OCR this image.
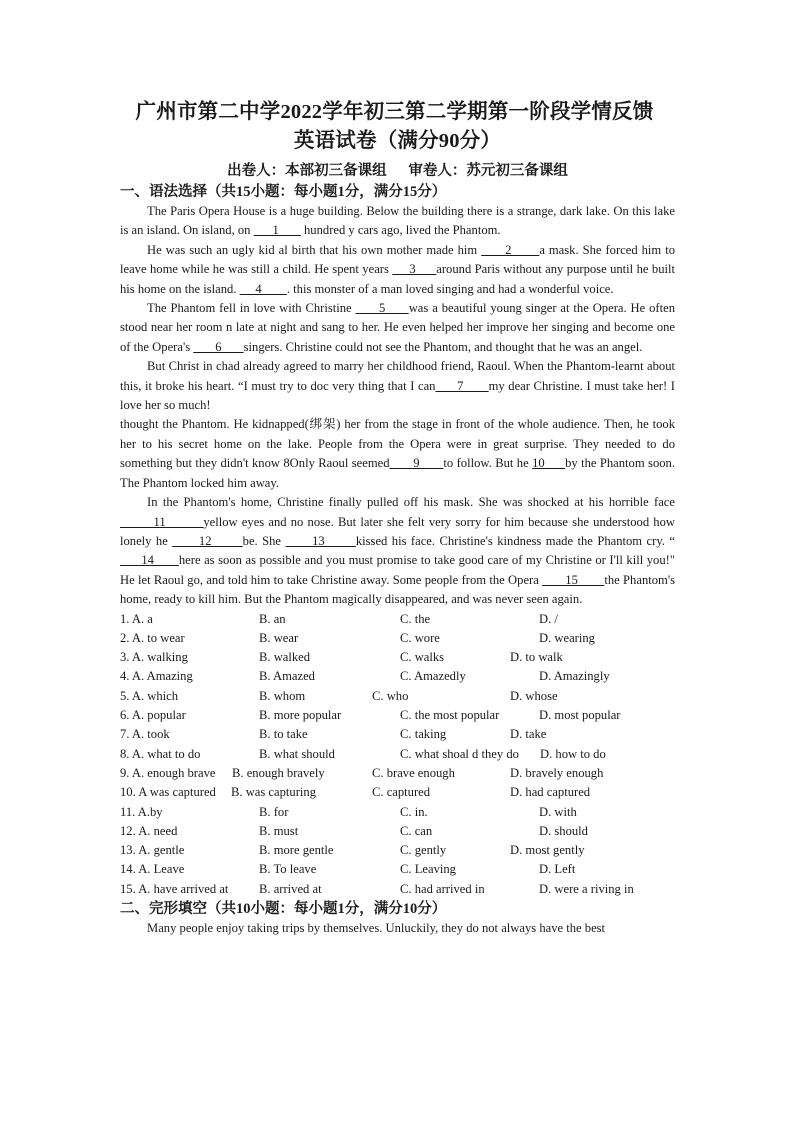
广州市第二中学2022学年初三第二学期第一阶段学情反馈
英语试卷（满分90分）
出卷人：本部初三备课组      审卷人：苏元初三备课组
一、语法选择（共15小题：每小题1分，满分15分）

The Paris Opera House is a huge building. Below the building there is a strange, dark lake. On this lake is an island. On island, on       1        hundred y cars ago, lived the Phantom.

He was such an ugly kid al birth that his own mother made him       2       a mask. She forced him to leave home while he was still a child. He spent years      3      around Paris without any purpose until he built his home on the island.      4        . this monster of a man loved singing and had a wonderful voice.

The Phantom fell in love with Christine       5      was a beautiful young singer at the Opera. He often stood near her room n late at night and sang to her. He even helped her improve her singing and become one of the Opera's        6       singers. Christine could not see the Phantom, and thought that he was an angel.

But Christ in chad already agreed to marry her childhood friend, Raoul. When the Phantom-learnt about this, it broke his heart. “I must try to doc very thing that I can      7       my dear Christine. I must take her! I love her so much!

thought the Phantom. He kidnapped(绑架) her from the stage in front of the whole audience. Then, he took her to his secret home on the lake. People from the Opera were in great surprise. They needed to do something but they didn't know 8Only Raoul seemed       9       to follow. But he 10      by the Phantom soon. The Phantom locked him away.

In the Phantom's home, Christine finally pulled off his mask. She was shocked at his horrible face        11         yellow eyes and no nose. But later she felt very sorry for him because she understood how lonely he       12       be. She       13       kissed his face. Christine's kindness made the Phantom cry. “      14       here as soon as possible and you must promise to take good care of my Christine or I'll kill you!" He let Raoul go, and told him to take Christine away. Some people from the Opera        15        the Phantom's home, ready to kill him. But the Phantom magically disappeared, and was never seen again.

1. A. a	B. an	C. the	D. /
2. A. to wear	B. wear	C. wore	D. wearing
3. A. walking	B. walked	C. walks	D. to walk
4. A. Amazing	B. Amazed	C. Amazedly	D. Amazingly
5. A. which	B. whom	C. who	D. whose
6. A. popular	B. more popular	C. the most popular	D. most popular
7. A. took	B. to take	C. taking	D. take
8. A. what to do	B. what should	C. what shoal d they do D. how to do
9. A. enough brave B. enough bravely	C. brave enough	D. bravely enough
10. A was captured B. was capturing	C. captured	D. had captured
11. A.by	B. for	C. in.	D. with
12. A. need	B. must	C. can	D. should
13. A. gentle	B. more gentle	C. gently	D. most gently
14. A. Leave	B. To leave	C. Leaving	D. Left
15. A. have arrived at B. arrived at	C. had arrived in	D. were a riving in
二、完形填空（共10小题：每小题1分，满分10分）

Many people enjoy taking trips by themselves. Unluckily, they do not always have the best
